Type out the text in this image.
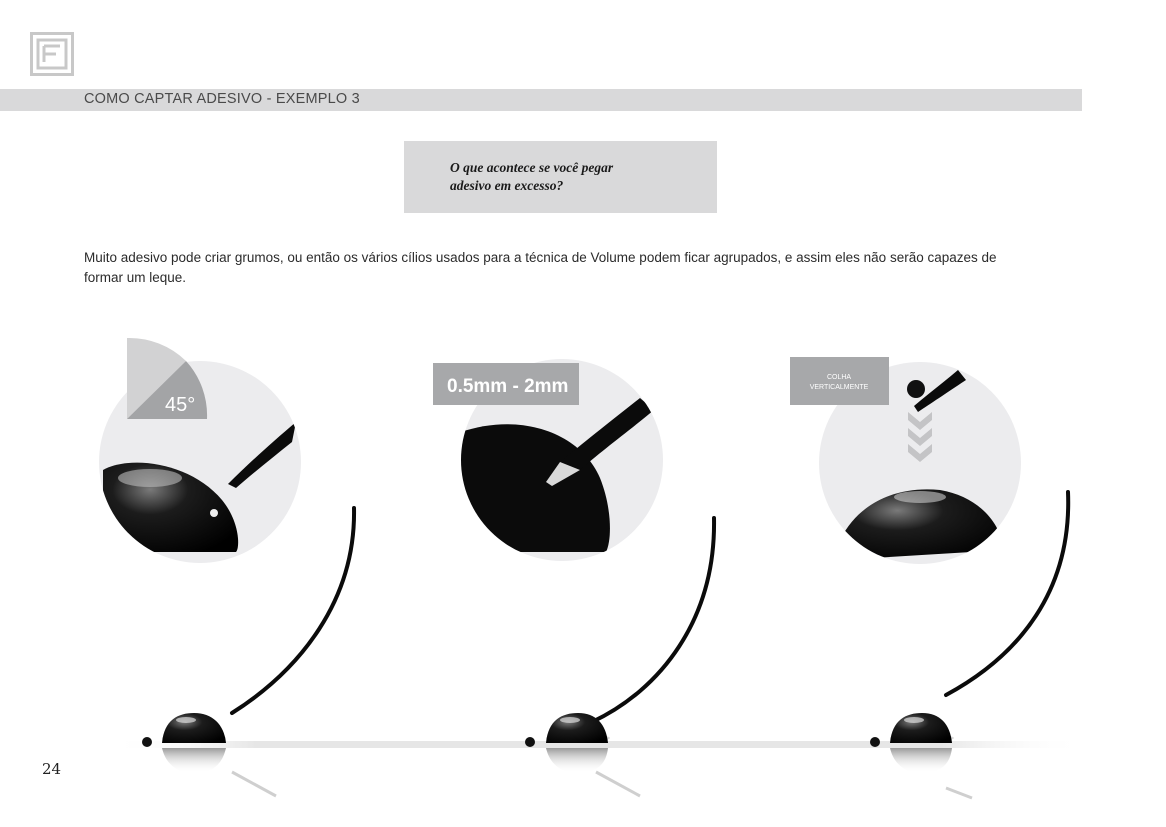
COMO CAPTAR ADESIVO - EXEMPLO 3
O que acontece se você pegar
adesivo em excesso?
Muito adesivo pode criar grumos, ou então os vários cílios usados para a técnica de Volume podem ficar agrupados, e assim eles não serão capazes de formar um leque.
45°
0.5mm - 2mm	COLHA
VERTICALMENTE
24
